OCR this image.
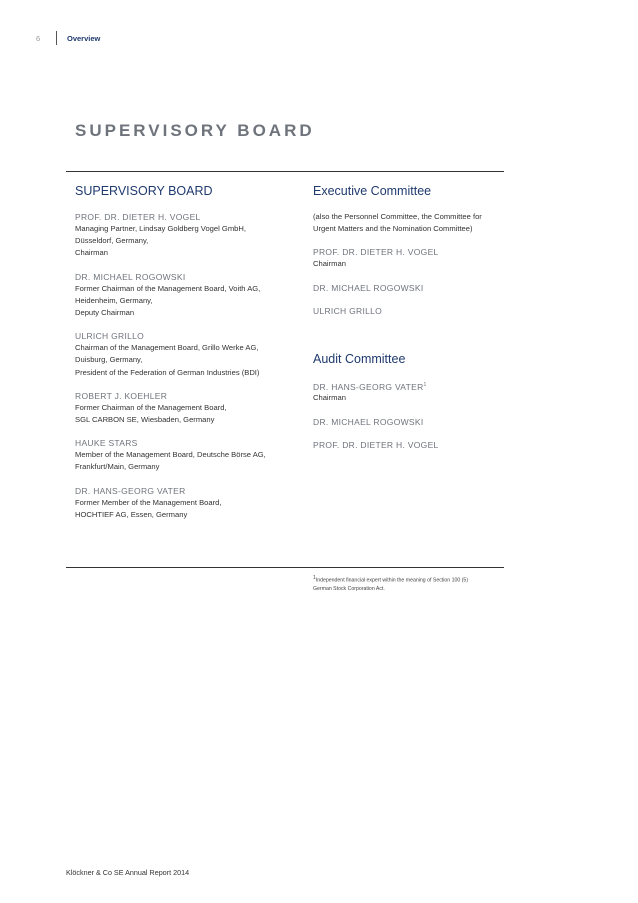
6	Overview
SUPERVISORY BOARD
SUPERVISORY BOARD
PROF. DR. DIETER H. VOGEL
Managing Partner, Lindsay Goldberg Vogel GmbH,
Düsseldorf, Germany,
Chairman
DR. MICHAEL ROGOWSKI
Former Chairman of the Management Board, Voith AG,
Heidenheim, Germany,
Deputy Chairman
ULRICH GRILLO
Chairman of the Management Board, Grillo Werke AG,
Duisburg, Germany,
President of the Federation of German Industries (BDI)
ROBERT J. KOEHLER
Former Chairman of the Management Board,
SGL CARBON SE, Wiesbaden, Germany
HAUKE STARS
Member of the Management Board, Deutsche Börse AG,
Frankfurt/Main, Germany
DR. HANS-GEORG VATER
Former Member of the Management Board,
HOCHTIEF AG, Essen, Germany
Executive Committee
(also the Personnel Committee, the Committee for
Urgent Matters and the Nomination Committee)
PROF. DR. DIETER H. VOGEL
Chairman
DR. MICHAEL ROGOWSKI
ULRICH GRILLO
Audit Committee
DR. HANS-GEORG VATER$^1$
Chairman
DR. MICHAEL ROGOWSKI
PROF. DR. DIETER H. VOGEL
$^1$Independent financial expert within the meaning of Section 100 (5)
German Stock Corporation Act.
Klöckner & Co SE Annual Report 2014
